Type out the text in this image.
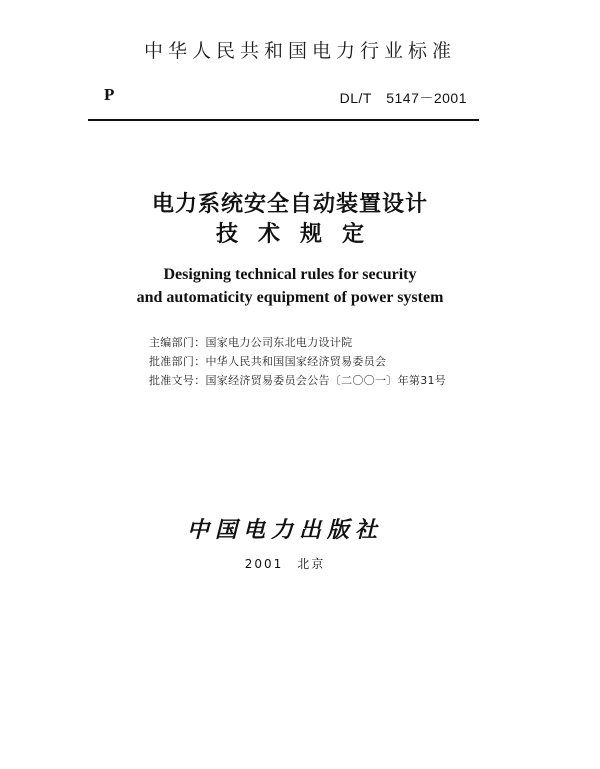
中华人民共和国电力行业标准
P	DL/T　5147－2001
电力系统安全自动装置设计
技术规定
Designing technical rules for security
and automaticity equipment of power system
主编部门：国家电力公司东北电力设计院
批准部门：中华人民共和国国家经济贸易委员会
批准文号：国家经济贸易委员会公告〔二〇〇一〕年第31号
中国电力出版社
2001　北京
